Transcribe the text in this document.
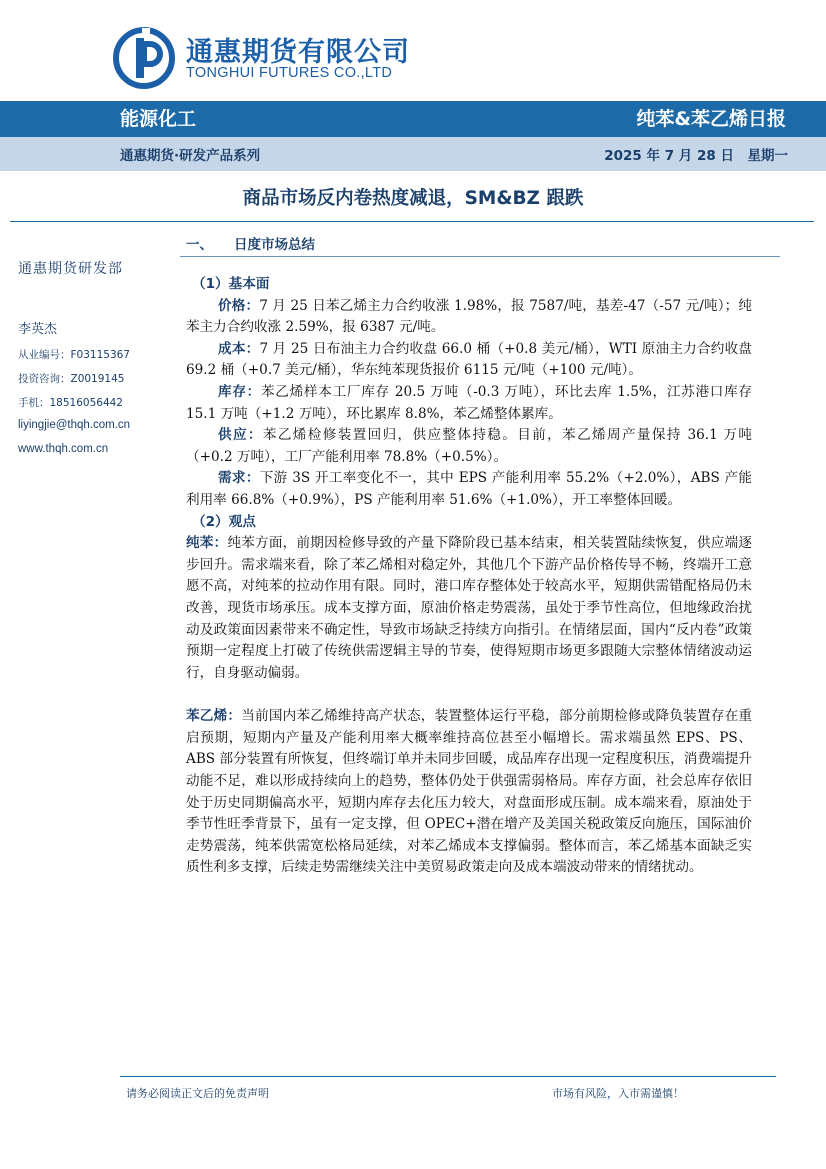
通惠期货有限公司
TONGHUI FUTURES CO.,LTD
能源化工	纯苯&苯乙烯日报
通惠期货·研发产品系列	2025 年 7 月 28 日　星期一
商品市场反内卷热度减退，SM&BZ 跟跌
通惠期货研发部
李英杰
从业编号：F03115367
投资咨询：Z0019145
手机：18516056442
liyingjie@thqh.com.cn
www.thqh.com.cn
一、 日度市场总结
（1）基本面

价格：7 月 25 日苯乙烯主力合约收涨 1.98%，报 7587/吨，基差-47（-57 元/吨）；纯苯主力合约收涨 2.59%，报 6387 元/吨。

成本：7 月 25 日布油主力合约收盘 66.0 桶（+0.8 美元/桶），WTI 原油主力合约收盘 69.2 桶（+0.7 美元/桶），华东纯苯现货报价 6115 元/吨（+100 元/吨）。

库存：苯乙烯样本工厂库存 20.5 万吨（-0.3 万吨），环比去库 1.5%，江苏港口库存 15.1 万吨（+1.2 万吨），环比累库 8.8%，苯乙烯整体累库。

供应：苯乙烯检修装置回归，供应整体持稳。目前，苯乙烯周产量保持 36.1 万吨（+0.2 万吨），工厂产能利用率 78.8%（+0.5%）。

需求：下游 3S 开工率变化不一，其中 EPS 产能利用率 55.2%（+2.0%），ABS 产能利用率 66.8%（+0.9%），PS 产能利用率 51.6%（+1.0%），开工率整体回暖。

（2）观点

纯苯：纯苯方面，前期因检修导致的产量下降阶段已基本结束，相关装置陆续恢复，供应端逐步回升。需求端来看，除了苯乙烯相对稳定外，其他几个下游产品价格传导不畅，终端开工意愿不高，对纯苯的拉动作用有限。同时，港口库存整体处于较高水平，短期供需错配格局仍未改善，现货市场承压。成本支撑方面，原油价格走势震荡，虽处于季节性高位，但地缘政治扰动及政策面因素带来不确定性，导致市场缺乏持续方向指引。在情绪层面，国内“反内卷”政策预期一定程度上打破了传统供需逻辑主导的节奏，使得短期市场更多跟随大宗整体情绪波动运行，自身驱动偏弱。

苯乙烯：当前国内苯乙烯维持高产状态，装置整体运行平稳，部分前期检修或降负装置存在重启预期，短期内产量及产能利用率大概率维持高位甚至小幅增长。需求端虽然 EPS、PS、ABS 部分装置有所恢复，但终端订单并未同步回暖，成品库存出现一定程度积压，消费端提升动能不足，难以形成持续向上的趋势，整体仍处于供强需弱格局。库存方面，社会总库存依旧处于历史同期偏高水平，短期内库存去化压力较大，对盘面形成压制。成本端来看，原油处于季节性旺季背景下，虽有一定支撑，但 OPEC+潜在增产及美国关税政策反向施压，国际油价走势震荡，纯苯供需宽松格局延续，对苯乙烯成本支撑偏弱。整体而言，苯乙烯基本面缺乏实质性利多支撑，后续走势需继续关注中美贸易政策走向及成本端波动带来的情绪扰动。

请务必阅读正文后的免责声明	市场有风险，入市需谨慎！
